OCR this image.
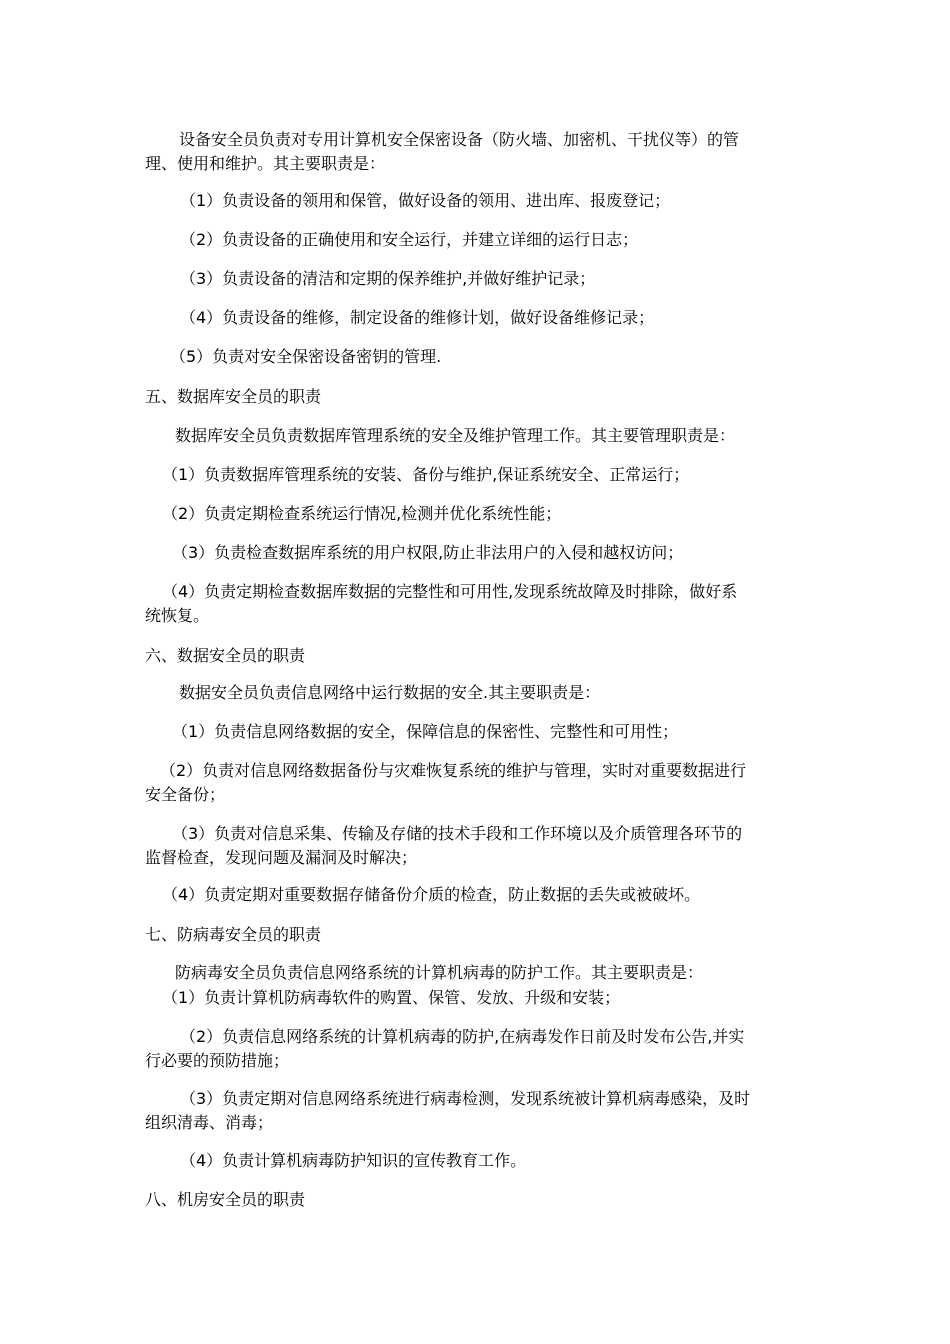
设备安全员负责对专用计算机安全保密设备（防火墙、加密机、干扰仪等）的管
理、使用和维护。其主要职责是：
（1）负责设备的领用和保管，做好设备的领用、进出库、报废登记；
（2）负责设备的正确使用和安全运行，并建立详细的运行日志；
（3）负责设备的清洁和定期的保养维护,并做好维护记录；
（4）负责设备的维修，制定设备的维修计划，做好设备维修记录；
（5）负责对安全保密设备密钥的管理.
五、数据库安全员的职责
数据库安全员负责数据库管理系统的安全及维护管理工作。其主要管理职责是：
（1）负责数据库管理系统的安装、备份与维护,保证系统安全、正常运行；
（2）负责定期检查系统运行情况,检测并优化系统性能；
（3）负责检查数据库系统的用户权限,防止非法用户的入侵和越权访问；
（4）负责定期检查数据库数据的完整性和可用性,发现系统故障及时排除，做好系
统恢复。
六、数据安全员的职责
数据安全员负责信息网络中运行数据的安全.其主要职责是：
（1）负责信息网络数据的安全，保障信息的保密性、完整性和可用性；
（2）负责对信息网络数据备份与灾难恢复系统的维护与管理，实时对重要数据进行
安全备份；
（3）负责对信息采集、传输及存储的技术手段和工作环境以及介质管理各环节的
监督检查，发现问题及漏洞及时解决；
（4）负责定期对重要数据存储备份介质的检查，防止数据的丢失或被破坏。
七、防病毒安全员的职责
防病毒安全员负责信息网络系统的计算机病毒的防护工作。其主要职责是：
（1）负责计算机防病毒软件的购置、保管、发放、升级和安装；
（2）负责信息网络系统的计算机病毒的防护,在病毒发作日前及时发布公告,并实
行必要的预防措施；
（3）负责定期对信息网络系统进行病毒检测，发现系统被计算机病毒感染，及时
组织清毒、消毒；
（4）负责计算机病毒防护知识的宣传教育工作。
八、机房安全员的职责
